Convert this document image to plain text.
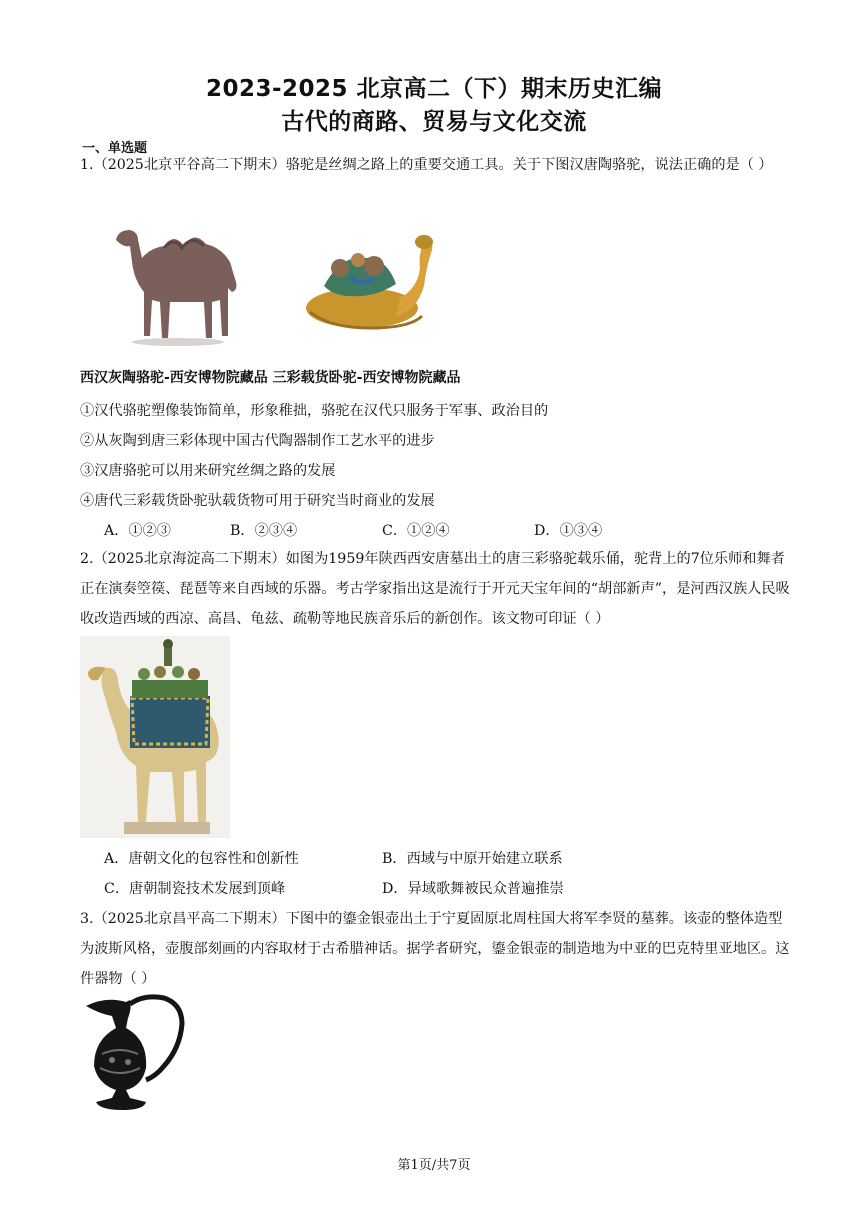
2023-2025 北京高二（下）期末历史汇编
古代的商路、贸易与文化交流
一、单选题
1.（2025北京平谷高二下期末）骆驼是丝绸之路上的重要交通工具。关于下图汉唐陶骆驼，说法正确的是（ ）
西汉灰陶骆驼-西安博物院藏品 三彩载货卧驼-西安博物院藏品
①汉代骆驼塑像装饰简单，形象稚拙，骆驼在汉代只服务于军事、政治目的
②从灰陶到唐三彩体现中国古代陶器制作工艺水平的进步
③汉唐骆驼可以用来研究丝绸之路的发展
④唐代三彩载货卧驼驮载货物可用于研究当时商业的发展
A．①②③	B．②③④	C．①②④	D．①③④
2.（2025北京海淀高二下期末）如图为1959年陕西西安唐墓出土的唐三彩骆驼载乐俑，驼背上的7位乐师和舞者正在演奏箜篌、琵琶等来自西域的乐器。考古学家指出这是流行于开元天宝年间的“胡部新声”，是河西汉族人民吸收改造西域的西凉、高昌、龟兹、疏勒等地民族音乐后的新创作。该文物可印证（ ）
A．唐朝文化的包容性和创新性	B．西域与中原开始建立联系
C．唐朝制瓷技术发展到顶峰	D．异域歌舞被民众普遍推崇
3.（2025北京昌平高二下期末）下图中的鎏金银壶出土于宁夏固原北周柱国大将军李贤的墓葬。该壶的整体造型为波斯风格，壶腹部刻画的内容取材于古希腊神话。据学者研究，鎏金银壶的制造地为中亚的巴克特里亚地区。这件器物（ ）
第1页/共7页
